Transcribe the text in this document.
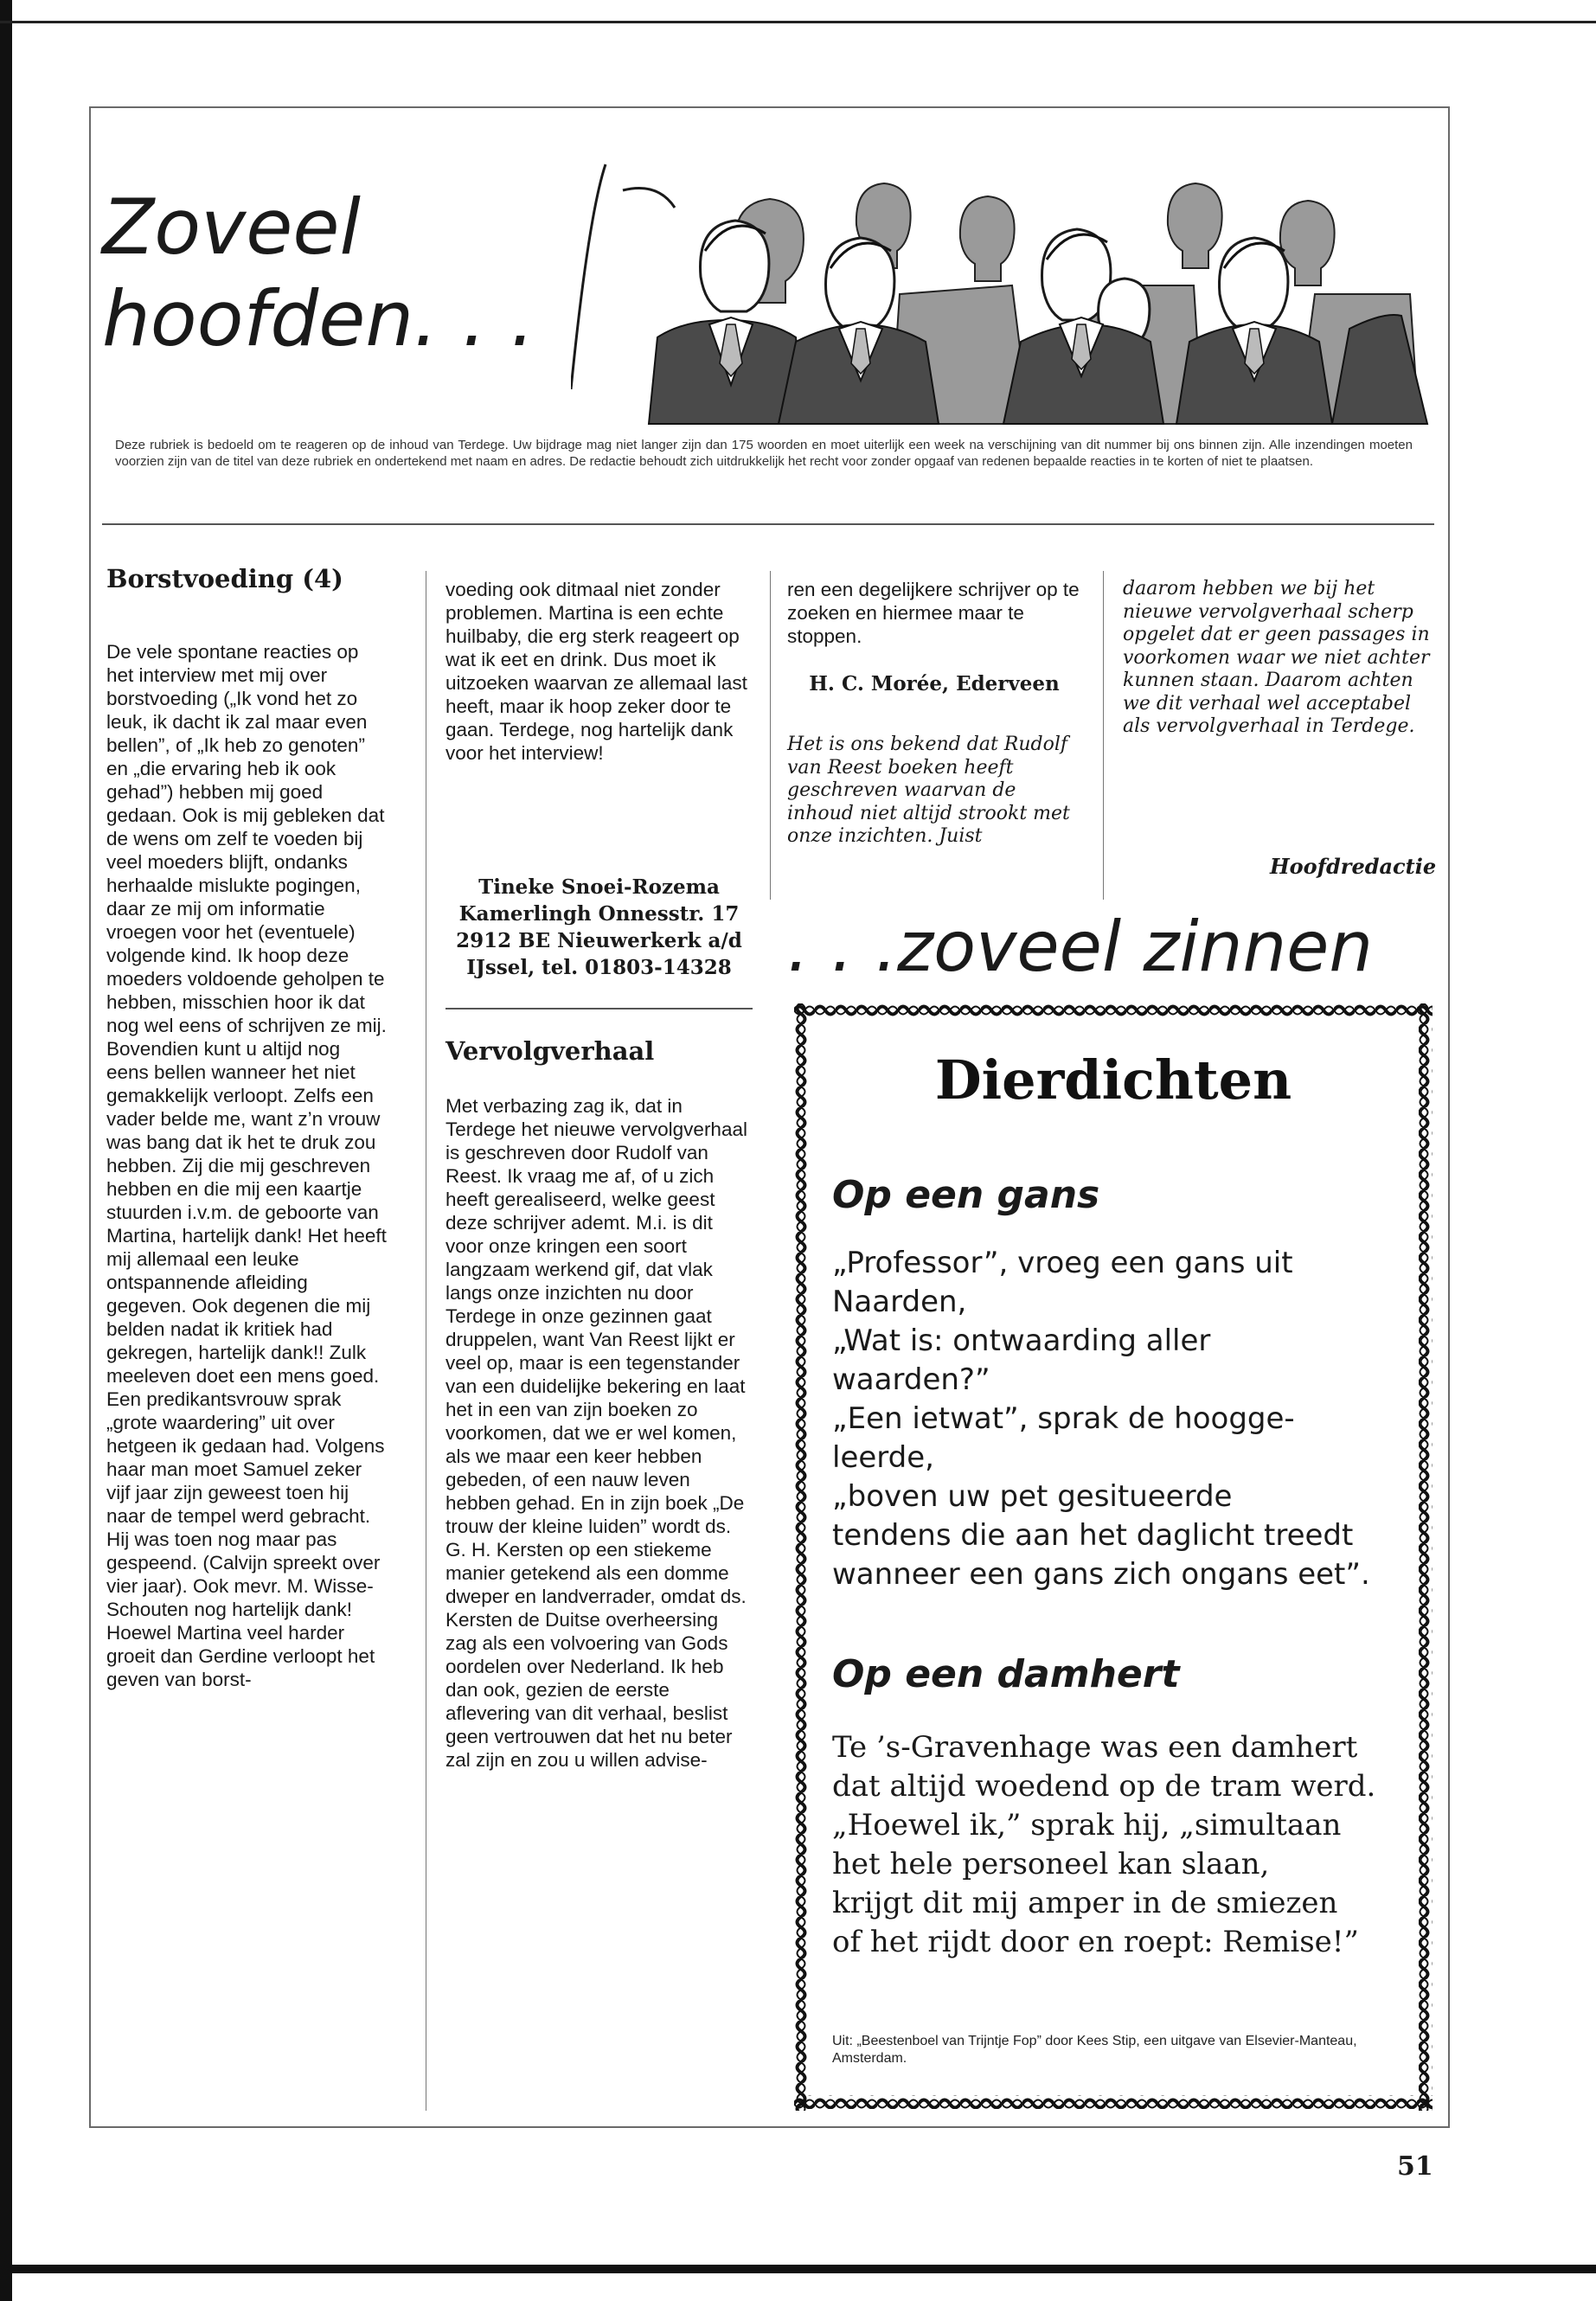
Zoveel
hoofden. . .

Deze rubriek is bedoeld om te reageren op de inhoud van Terdege. Uw bijdrage mag niet langer zijn dan 175 woorden en moet uiterlijk een week na verschijning van dit nummer bij ons binnen zijn. Alle inzendingen moeten voorzien zijn van de titel van deze rubriek en ondertekend met naam en adres. De redactie behoudt zich uitdrukkelijk het recht voor zonder opgaaf van redenen bepaalde reacties in te korten of niet te plaatsen.

Borstvoeding (4)

De vele spontane reacties op het interview met mij over borstvoeding („Ik vond het zo leuk, ik dacht ik zal maar even bellen”, of „Ik heb zo genoten” en „die ervaring heb ik ook gehad”) hebben mij goed gedaan. Ook is mij gebleken dat de wens om zelf te voeden bij veel moeders blijft, ondanks herhaalde mislukte pogingen, daar ze mij om informatie vroegen voor het (eventuele) volgende kind. Ik hoop deze moeders voldoende geholpen te hebben, misschien hoor ik dat nog wel eens of schrijven ze mij. Bovendien kunt u altijd nog eens bellen wanneer het niet gemakkelijk verloopt. Zelfs een vader belde me, want z’n vrouw was bang dat ik het te druk zou hebben. Zij die mij geschreven hebben en die mij een kaartje stuurden i.v.m. de geboorte van Martina, hartelijk dank! Het heeft mij allemaal een leuke ontspannende afleiding gegeven. Ook degenen die mij belden nadat ik kritiek had gekregen, hartelijk dank!! Zulk meeleven doet een mens goed. Een predikantsvrouw sprak „grote waardering” uit over hetgeen ik gedaan had. Volgens haar man moet Samuel zeker vijf jaar zijn geweest toen hij naar de tempel werd gebracht. Hij was toen nog maar pas gespeend. (Calvijn spreekt over vier jaar). Ook mevr. M. Wisse-Schouten nog hartelijk dank! Hoewel Martina veel harder groeit dan Gerdine verloopt het geven van borst-

voeding ook ditmaal niet zonder problemen. Martina is een echte huilbaby, die erg sterk reageert op wat ik eet en drink. Dus moet ik uitzoeken waarvan ze allemaal last heeft, maar ik hoop zeker door te gaan. Terdege, nog hartelijk dank voor het interview!

Tineke Snoei-Rozema
Kamerlingh Onnesstr. 17
2912 BE Nieuwerkerk a/d
IJssel, tel. 01803-14328

Vervolgverhaal

Met verbazing zag ik, dat in Terdege het nieuwe vervolgverhaal is geschreven door Rudolf van Reest. Ik vraag me af, of u zich heeft gerealiseerd, welke geest deze schrijver ademt. M.i. is dit voor onze kringen een soort langzaam werkend gif, dat vlak langs onze inzichten nu door Terdege in onze gezinnen gaat druppelen, want Van Reest lijkt er veel op, maar is een tegenstander van een duidelijke bekering en laat het in een van zijn boeken zo voorkomen, dat we er wel komen, als we maar een keer hebben gebeden, of een nauw leven hebben gehad. En in zijn boek „De trouw der kleine luiden” wordt ds. G. H. Kersten op een stiekeme manier getekend als een domme dweper en landverrader, omdat ds. Kersten de Duitse overheersing zag als een volvoering van Gods oordelen over Nederland. Ik heb dan ook, gezien de eerste aflevering van dit verhaal, beslist geen vertrouwen dat het nu beter zal zijn en zou u willen advise-

ren een degelijkere schrijver op te zoeken en hiermee maar te stoppen.

H. C. Morée, Ederveen

Het is ons bekend dat Rudolf van Reest boeken heeft geschreven waarvan de inhoud niet altijd strookt met onze inzichten. Juist

daarom hebben we bij het nieuwe vervolgverhaal scherp opgelet dat er geen passages in voorkomen waar we niet achter kunnen staan. Daarom achten we dit verhaal wel acceptabel als vervolgverhaal in Terdege.

Hoofdredactie
. . .zoveel zinnen
Dierdichten
Op een gans
„Professor”, vroeg een gans uit
Naarden,
„Wat is: ontwaarding aller
waarden?”
„Een ietwat”, sprak de hoogge-
leerde,
„boven uw pet gesitueerde
tendens die aan het daglicht treedt
wanneer een gans zich ongans eet”.
Op een damhert
Te ’s-Gravenhage was een damhert
dat altijd woedend op de tram werd.
„Hoewel ik,” sprak hij, „simultaan
het hele personeel kan slaan,
krijgt dit mij amper in de smiezen
of het rijdt door en roept: Remise!”

Uit: „Beestenboel van Trijntje Fop” door Kees Stip, een uitgave van Elsevier-Manteau, Amsterdam.

51
